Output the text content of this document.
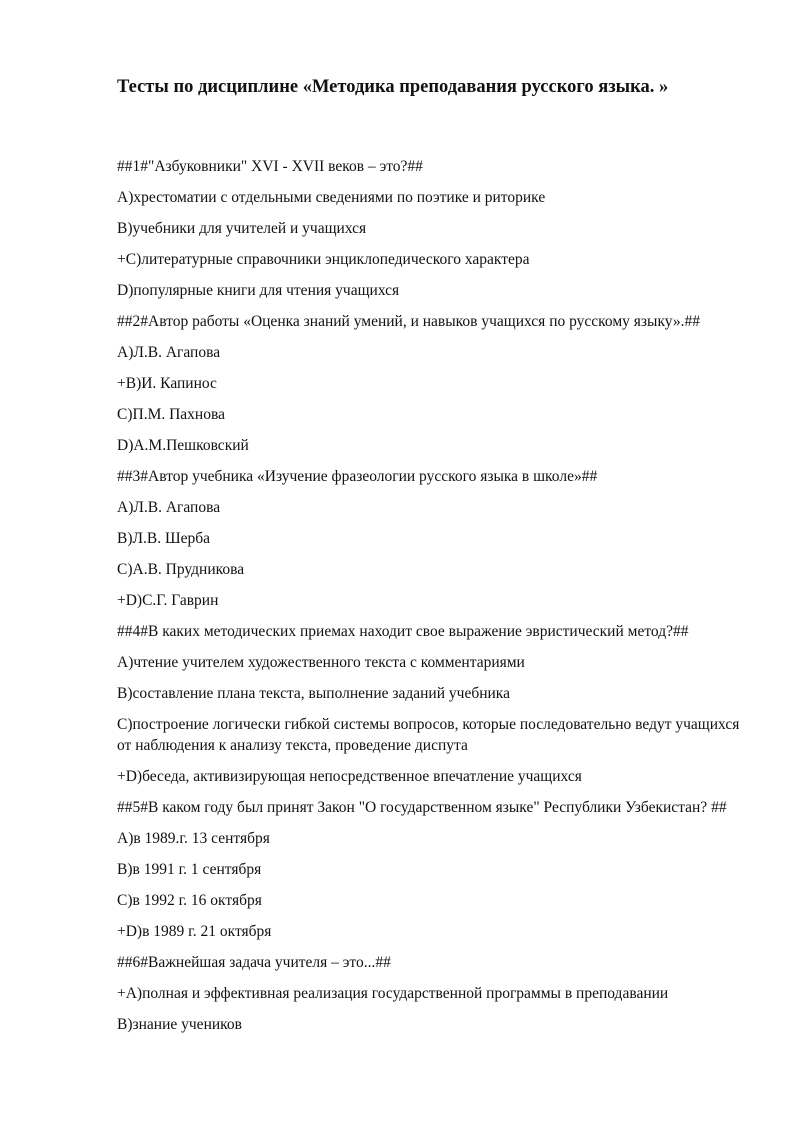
Тесты по дисциплине «Методика преподавания русского языка. »

##1#"Азбуковники" XVI - XVII веков – это?##

А)хрестоматии с отдельными сведениями по поэтике и риторике

В)учебники для учителей и учащихся

+С)литературные справочники энциклопедического характера

D)популярные книги для чтения учащихся

##2#Автор работы «Оценка знаний умений, и навыков учащихся по русскому языку».##

А)Л.В. Агапова

+В)И. Капинос

С)П.М. Пахнова

D)А.М.Пешковский

##3#Автор учебника «Изучение фразеологии русского языка в школе»##

А)Л.В. Агапова

В)Л.В. Шерба

С)А.В. Прудникова

+D)С.Г. Гаврин

##4#В каких методических приемах находит свое выражение эвристический метод?##

А)чтение учителем художественного текста с комментариями

В)составление плана текста, выполнение заданий учебника

С)построение логически гибкой системы вопросов, которые последовательно ведут учащихся от наблюдения к анализу текста, проведение диспута

+D)беседа, активизирующая непосредственное впечатление учащихся

##5#В каком году был принят Закон "О государственном языке" Республики Узбекистан? ##

А)в 1989.г. 13 сентября

В)в 1991 г. 1 сентября

С)в 1992 г. 16 октября

+D)в 1989 г. 21 октября

##6#Важнейшая задача учителя – это...##

+А)полная и эффективная реализация государственной программы в преподавании

В)знание учеников
